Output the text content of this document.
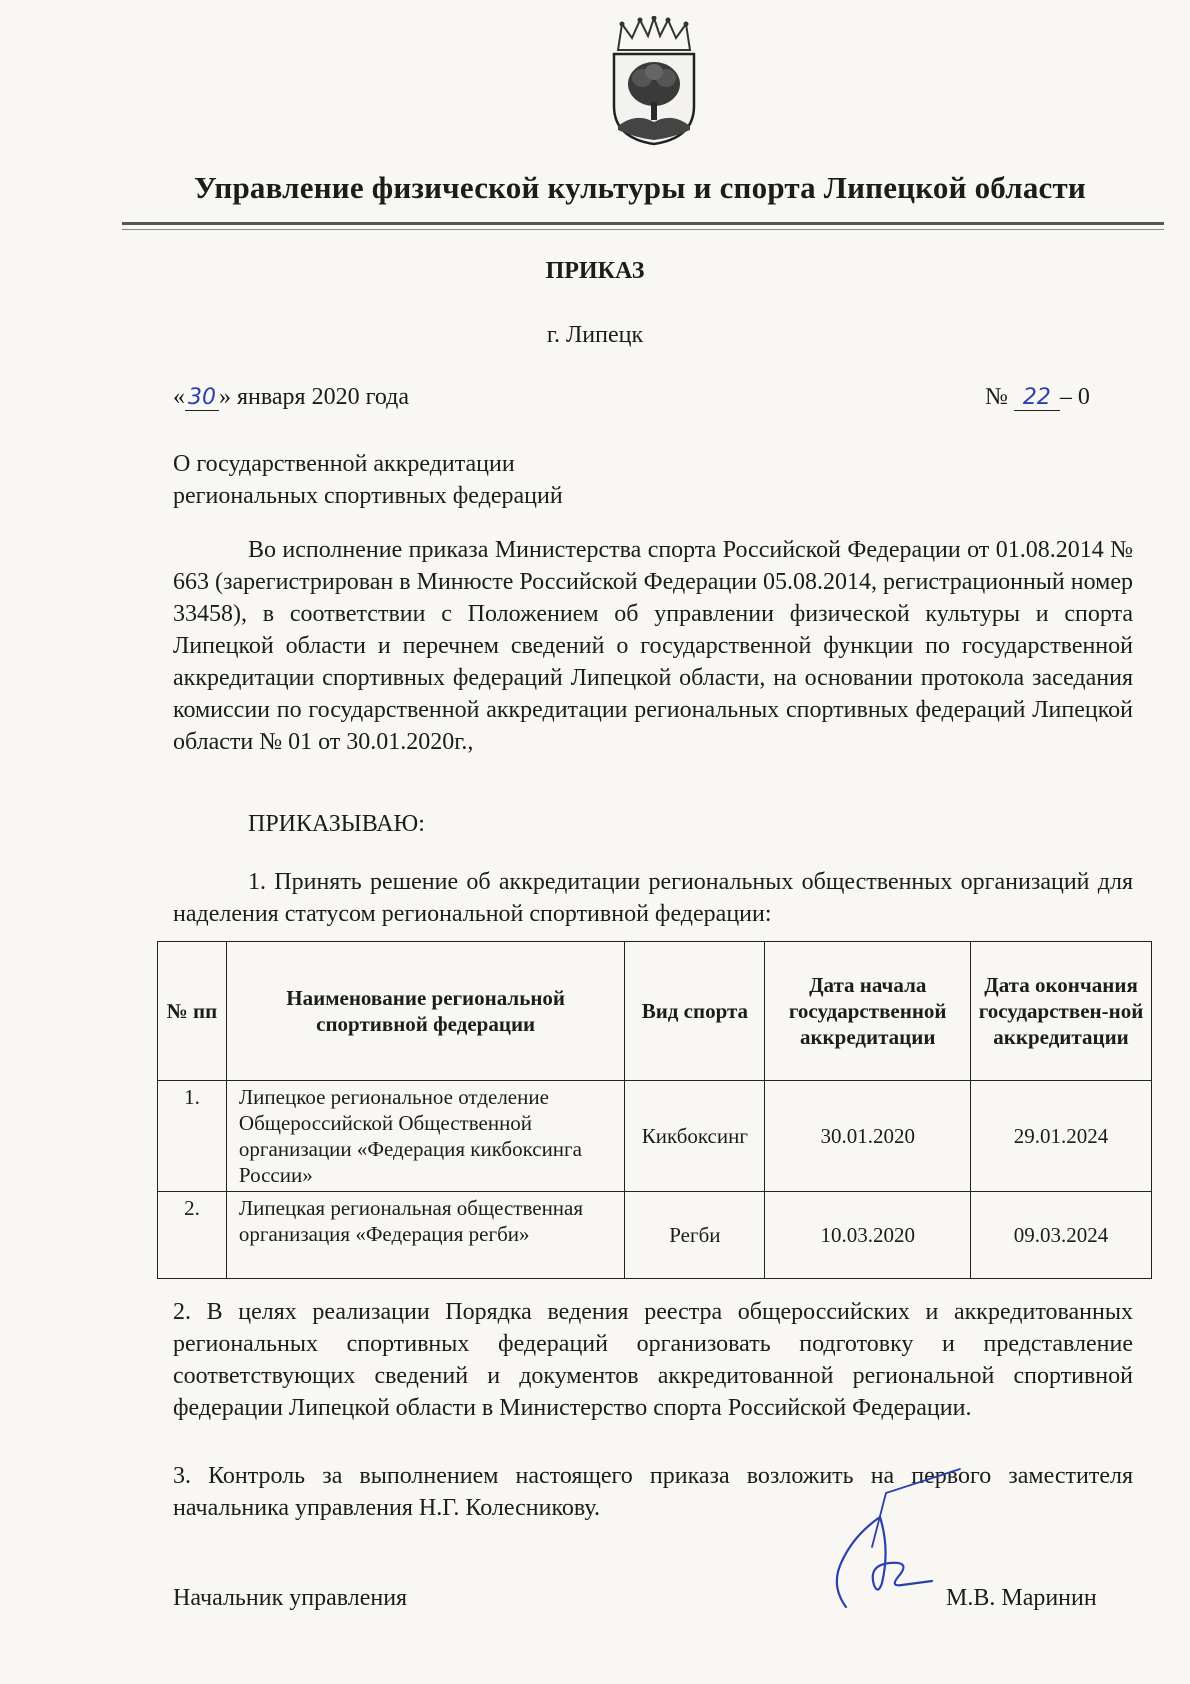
Управление физической культуры и спорта Липецкой области
ПРИКАЗ
г. Липецк
« 30 » января 2020 года	№ 22 – 0
О государственной аккредитации
региональных спортивных федераций
Во исполнение приказа Министерства спорта Российской Федерации от 01.08.2014 № 663 (зарегистрирован в Минюсте Российской Федерации 05.08.2014, регистрационный номер 33458), в соответствии с Положением об управлении физической культуры и спорта Липецкой области и перечнем сведений о государственной функции по государственной аккредитации спортивных федераций Липецкой области, на основании протокола заседания комиссии по государственной аккредитации региональных спортивных федераций Липецкой области № 01 от 30.01.2020г.,
ПРИКАЗЫВАЮ:
1. Принять решение об аккредитации региональных общественных организаций для наделения статусом региональной спортивной федерации:
№ пп	Наименование региональной спортивной федерации	Вид спорта	Дата начала государственной аккредитации	Дата окончания государствен-ной аккредитации
1.	Липецкое региональное отделение Общероссийской Общественной организации «Федерация кикбоксинга России»	Кикбоксинг	30.01.2020	29.01.2024
2.	Липецкая региональная общественная организация «Федерация регби»	Регби	10.03.2020	09.03.2024
2. В целях реализации Порядка ведения реестра общероссийских и аккредитованных региональных спортивных федераций организовать подготовку и представление соответствующих сведений и документов аккредитованной региональной спортивной федерации Липецкой области в Министерство спорта Российской Федерации.
3. Контроль за выполнением настоящего приказа возложить на первого заместителя начальника управления Н.Г. Колесникову.
Начальник управления	М.В. Маринин
